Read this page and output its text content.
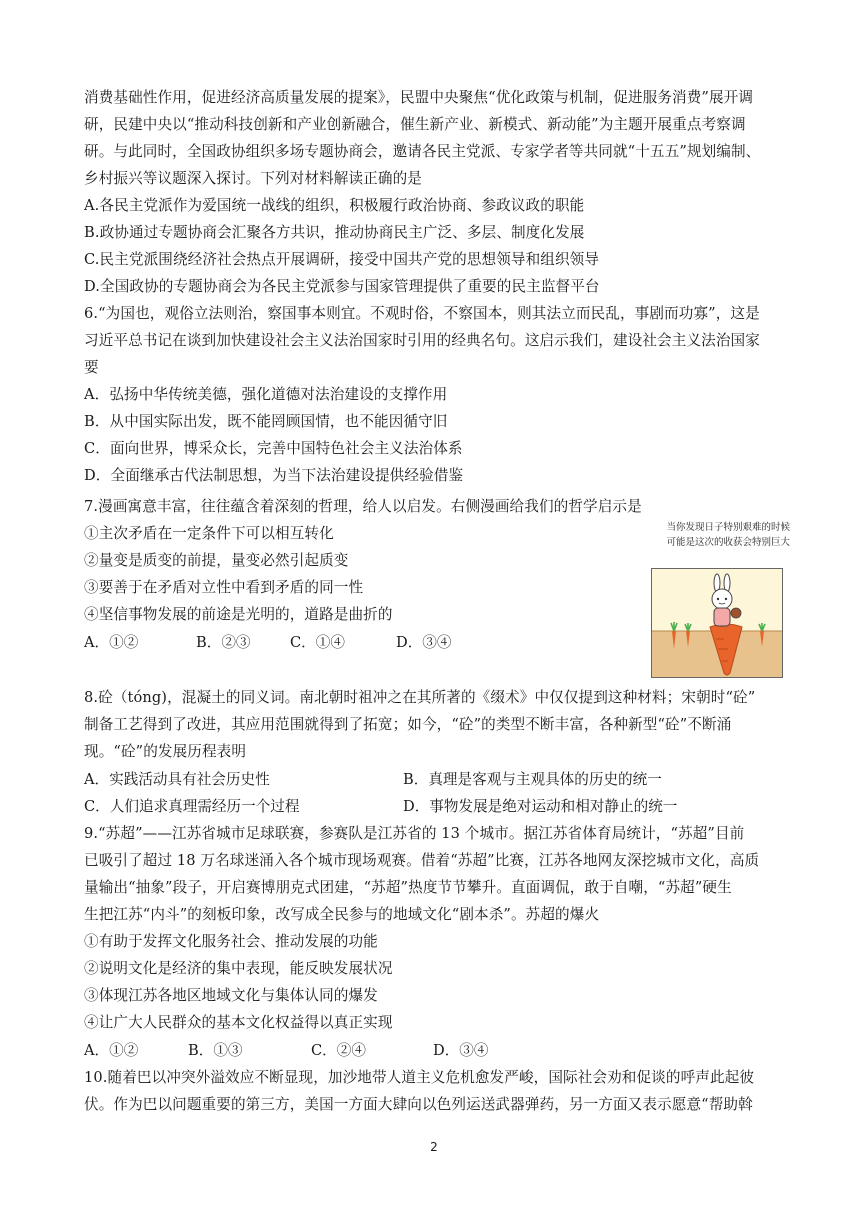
消费基础性作用，促进经济高质量发展的提案》，民盟中央聚焦“优化政策与机制，促进服务消费”展开调
研，民建中央以“推动科技创新和产业创新融合，催生新产业、新模式、新动能”为主题开展重点考察调
研。与此同时，全国政协组织多场专题协商会，邀请各民主党派、专家学者等共同就“十五五”规划编制、
乡村振兴等议题深入探讨。下列对材料解读正确的是
A.各民主党派作为爱国统一战线的组织，积极履行政治协商、参政议政的职能
B.政协通过专题协商会汇聚各方共识，推动协商民主广泛、多层、制度化发展
C.民主党派围绕经济社会热点开展调研，接受中国共产党的思想领导和组织领导
D.全国政协的专题协商会为各民主党派参与国家管理提供了重要的民主监督平台
6.“为国也，观俗立法则治，察国事本则宜。不观时俗，不察国本，则其法立而民乱，事剧而功寡”，这是
习近平总书记在谈到加快建设社会主义法治国家时引用的经典名句。这启示我们，建设社会主义法治国家
要
A．弘扬中华传统美德，强化道德对法治建设的支撑作用
B．从中国实际出发，既不能罔顾国情，也不能因循守旧
C．面向世界，博采众长，完善中国特色社会主义法治体系
D．全面继承古代法制思想，为当下法治建设提供经验借鉴
7.漫画寓意丰富，往往蕴含着深刻的哲理，给人以启发。右侧漫画给我们的哲学启示是
①主次矛盾在一定条件下可以相互转化
②量变是质变的前提，量变必然引起质变
③要善于在矛盾对立性中看到矛盾的同一性
④坚信事物发展的前途是光明的，道路是曲折的
A．①②	B．②③	C．①④	D．③④
当你发现日子特别艰难的时候
可能是这次的收获会特别巨大
8.砼（tóng)，混凝土的同义词。南北朝时祖冲之在其所著的《缀术》中仅仅提到这种材料；宋朝时“砼”
制备工艺得到了改进，其应用范围就得到了拓宽；如今，“砼”的类型不断丰富，各种新型“砼”不断涌
现。“砼”的发展历程表明
A．实践活动具有社会历史性	B．真理是客观与主观具体的历史的统一
C．人们追求真理需经历一个过程	D．事物发展是绝对运动和相对静止的统一
9.“苏超”——江苏省城市足球联赛，参赛队是江苏省的 13 个城市。据江苏省体育局统计，“苏超”目前
已吸引了超过 18 万名球迷涌入各个城市现场观赛。借着“苏超”比赛，江苏各地网友深挖城市文化，高质
量输出“抽象”段子，开启赛博朋克式团建，“苏超”热度节节攀升。直面调侃，敢于自嘲，“苏超”硬生
生把江苏“内斗”的刻板印象，改写成全民参与的地域文化“剧本杀”。苏超的爆火
①有助于发挥文化服务社会、推动发展的功能
②说明文化是经济的集中表现，能反映发展状况
③体现江苏各地区地域文化与集体认同的爆发
④让广大人民群众的基本文化权益得以真正实现
A．①②	B．①③	C．②④	D．③④
10.随着巴以冲突外溢效应不断显现，加沙地带人道主义危机愈发严峻，国际社会劝和促谈的呼声此起彼
伏。作为巴以问题重要的第三方，美国一方面大肆向以色列运送武器弹药，另一方面又表示愿意“帮助斡
2
